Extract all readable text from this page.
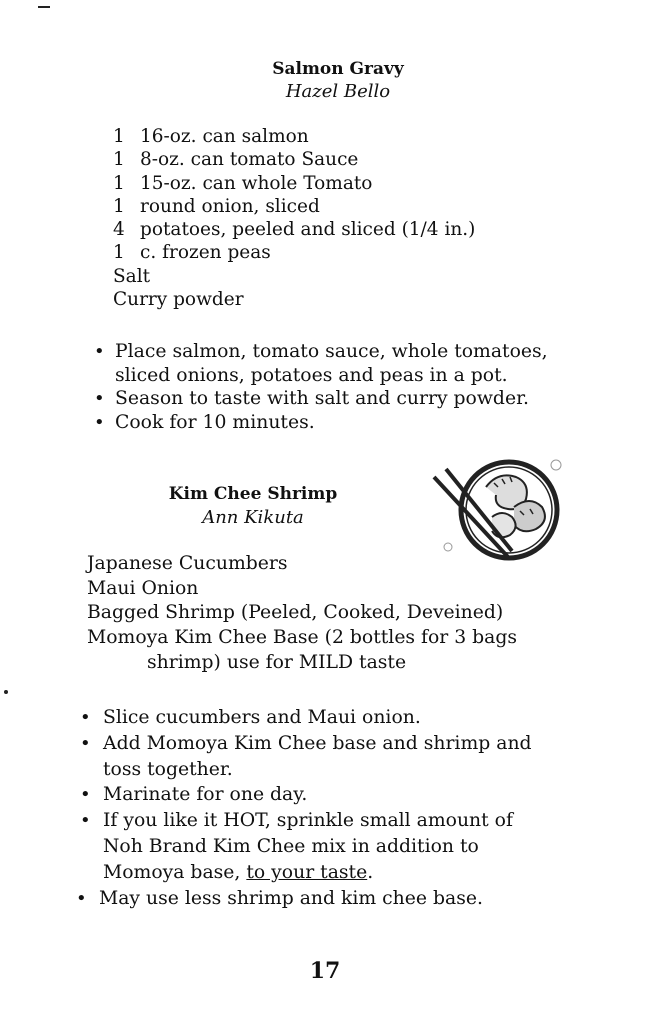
Salmon Gravy
Hazel Bello
1 16-oz. can salmon
1 8-oz. can tomato Sauce
1 15-oz. can whole Tomato
1 round onion, sliced
4 potatoes, peeled and sliced (1/4 in.)
1 c. frozen peas
Salt
Curry powder
• Place salmon, tomato sauce, whole tomatoes,
sliced onions, potatoes and peas in a pot.
• Season to taste with salt and curry powder.
• Cook for 10 minutes.
Kim Chee Shrimp
Ann Kikuta
Japanese Cucumbers
Maui Onion
Bagged Shrimp (Peeled, Cooked, Deveined)
Momoya Kim Chee Base (2 bottles for 3 bags
shrimp) use for MILD taste
• Slice cucumbers and Maui onion.
• Add Momoya Kim Chee base and shrimp and
toss together.
• Marinate for one day.
• If you like it HOT, sprinkle small amount of
Noh Brand Kim Chee mix in addition to
Momoya base, to your taste.
• May use less shrimp and kim chee base.
17
